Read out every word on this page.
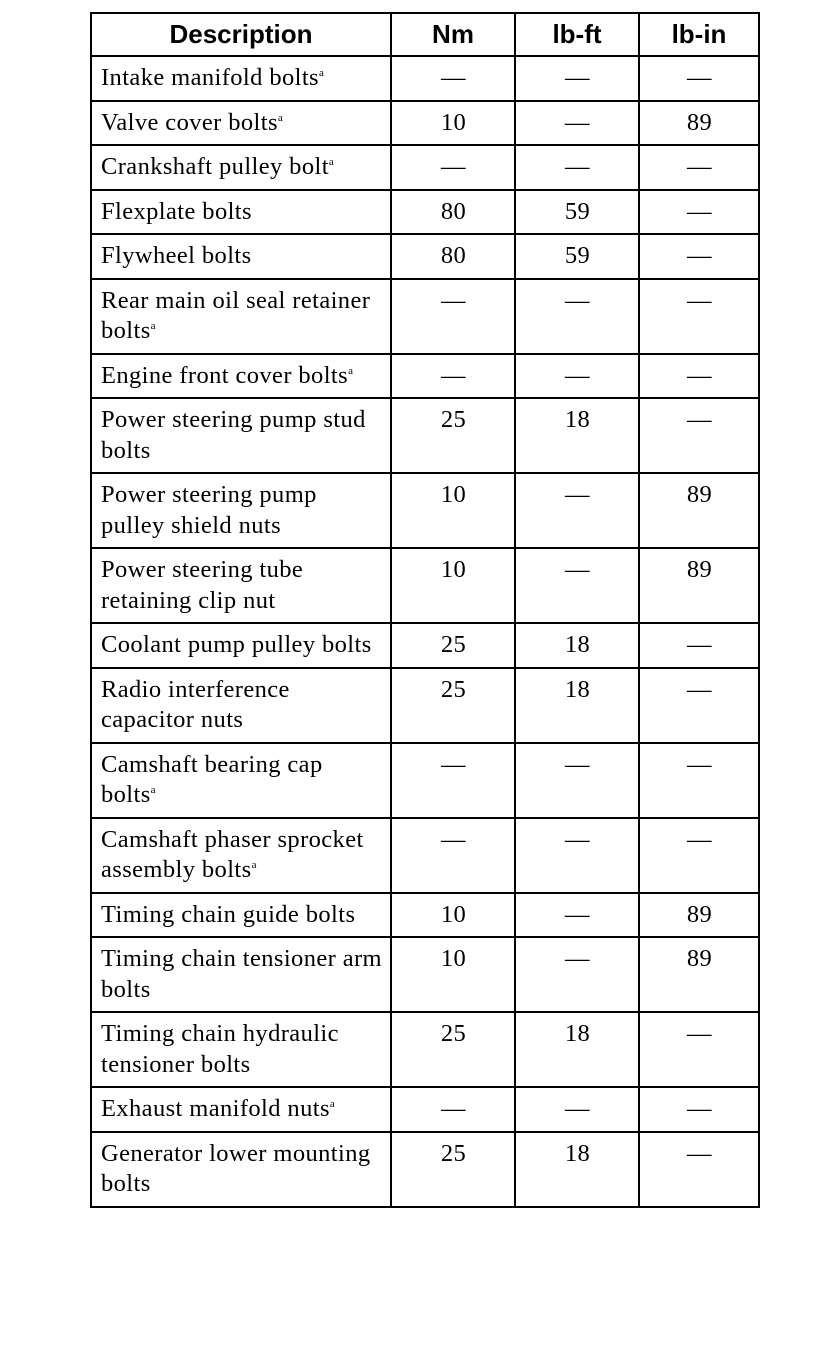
Description	Nm	lb-ft	lb-in
Intake manifold bolts$^a$	—	—	—
Valve cover bolts$^a$	10	—	89
Crankshaft pulley bolt$^a$	—	—	—
Flexplate bolts	80	59	—
Flywheel bolts	80	59	—
Rear main oil seal retainer bolts$^a$	—	—	—
Engine front cover bolts$^a$	—	—	—
Power steering pump stud bolts	25	18	—
Power steering pump pulley shield nuts	10	—	89
Power steering tube retaining clip nut	10	—	89
Coolant pump pulley bolts	25	18	—
Radio interference capacitor nuts	25	18	—
Camshaft bearing cap bolts$^a$	—	—	—
Camshaft phaser sprocket assembly bolts$^a$	—	—	—
Timing chain guide bolts	10	—	89
Timing chain tensioner arm bolts	10	—	89
Timing chain hydraulic tensioner bolts	25	18	—
Exhaust manifold nuts$^a$	—	—	—
Generator lower mounting bolts	25	18	—
